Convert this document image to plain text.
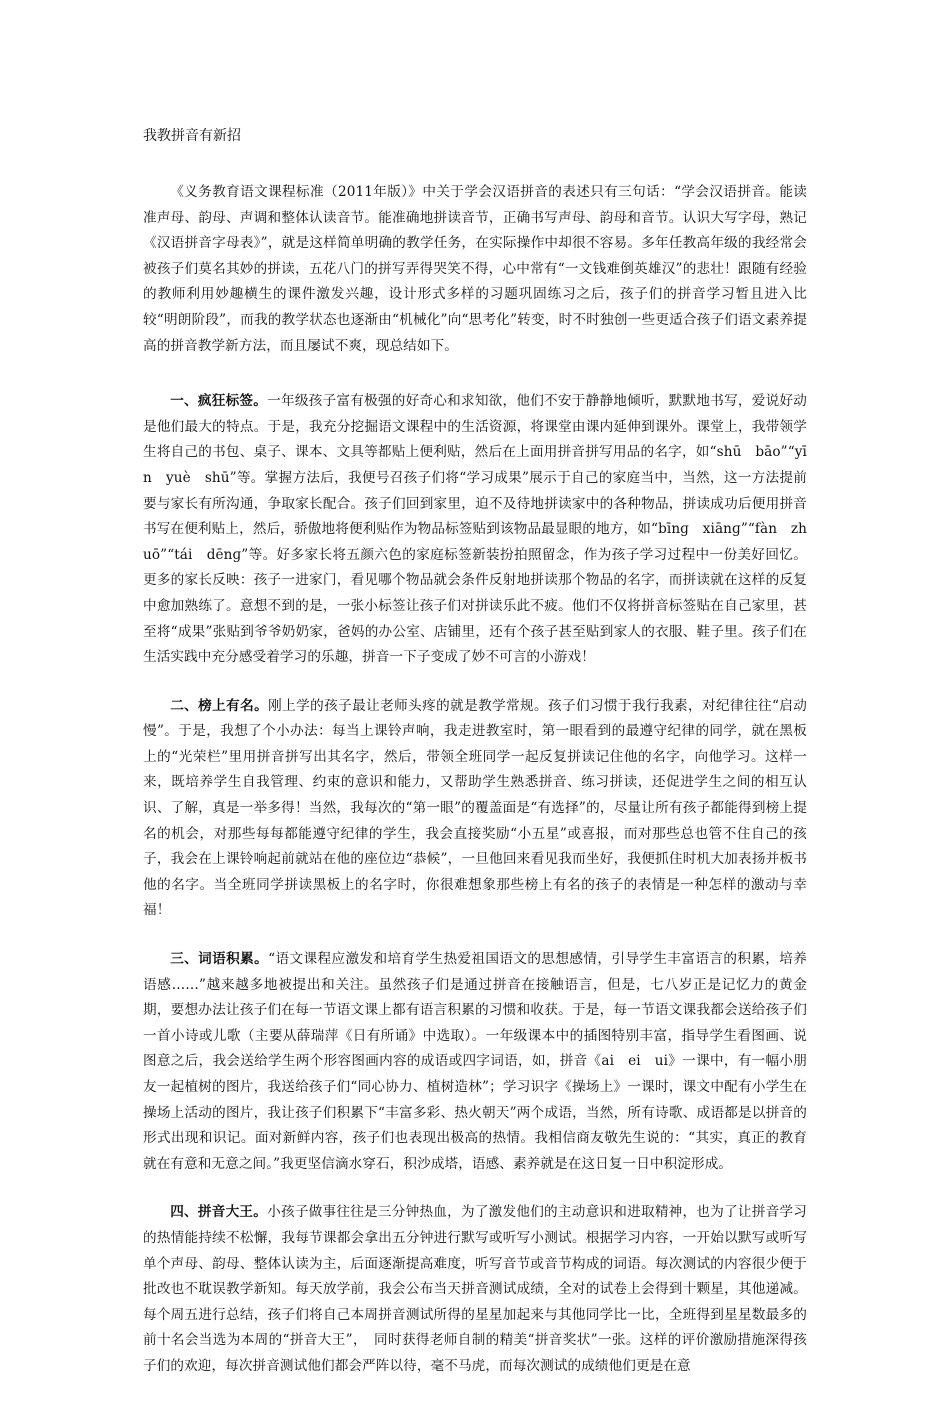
我教拼音有新招

《义务教育语文课程标准（2011年版）》中关于学会汉语拼音的表述只有三句话：“学会汉语拼音。能读准声母、韵母、声调和整体认读音节。能准确地拼读音节，正确书写声母、韵母和音节。认识大写字母，熟记《汉语拼音字母表》”，就是这样简单明确的教学任务，在实际操作中却很不容易。多年任教高年级的我经常会被孩子们莫名其妙的拼读，五花八门的拼写弄得哭笑不得，心中常有“一文钱难倒英雄汉”的悲壮！跟随有经验的教师利用妙趣横生的课件激发兴趣，设计形式多样的习题巩固练习之后，孩子们的拼音学习暂且进入比较“明朗阶段”，而我的教学状态也逐渐由“机械化”向“思考化”转变，时不时独创一些更适合孩子们语文素养提高的拼音教学新方法，而且屡试不爽，现总结如下。

一、疯狂标签。一年级孩子富有极强的好奇心和求知欲，他们不安于静静地倾听，默默地书写，爱说好动是他们最大的特点。于是，我充分挖掘语文课程中的生活资源，将课堂由课内延伸到课外。课堂上，我带领学生将自己的书包、桌子、课本、文具等都贴上便利贴，然后在上面用拼音拼写用品的名字，如“shū　bāo”“yīn　yuè　shū”等。掌握方法后，我便号召孩子们将“学习成果”展示于自己的家庭当中，当然，这一方法提前要与家长有所沟通，争取家长配合。孩子们回到家里，迫不及待地拼读家中的各种物品，拼读成功后便用拼音书写在便利贴上，然后，骄傲地将便利贴作为物品标签贴到该物品最显眼的地方，如“bīnɡ　xiānɡ”“fàn　zhuō”“tái　dēnɡ”等。好多家长将五颜六色的家庭标签新装扮拍照留念，作为孩子学习过程中一份美好回忆。更多的家长反映：孩子一进家门，看见哪个物品就会条件反射地拼读那个物品的名字，而拼读就在这样的反复中愈加熟练了。意想不到的是，一张小标签让孩子们对拼读乐此不疲。他们不仅将拼音标签贴在自己家里，甚至将“成果”张贴到爷爷奶奶家，爸妈的办公室、店铺里，还有个孩子甚至贴到家人的衣服、鞋子里。孩子们在生活实践中充分感受着学习的乐趣，拼音一下子变成了妙不可言的小游戏！

二、榜上有名。刚上学的孩子最让老师头疼的就是教学常规。孩子们习惯于我行我素，对纪律往往“启动慢”。于是，我想了个小办法：每当上课铃声响，我走进教室时，第一眼看到的最遵守纪律的同学，就在黑板上的“光荣栏”里用拼音拼写出其名字，然后，带领全班同学一起反复拼读记住他的名字，向他学习。这样一来，既培养学生自我管理、约束的意识和能力，又帮助学生熟悉拼音、练习拼读，还促进学生之间的相互认识、了解，真是一举多得！当然，我每次的“第一眼”的覆盖面是“有选择”的，尽量让所有孩子都能得到榜上提名的机会，对那些每每都能遵守纪律的学生，我会直接奖励“小五星”或喜报，而对那些总也管不住自己的孩子，我会在上课铃响起前就站在他的座位边“恭候”，一旦他回来看见我而坐好，我便抓住时机大加表扬并板书他的名字。当全班同学拼读黑板上的名字时，你很难想象那些榜上有名的孩子的表情是一种怎样的激动与幸福！

三、词语积累。“语文课程应激发和培育学生热爱祖国语文的思想感情，引导学生丰富语言的积累，培养语感……”越来越多地被提出和关注。虽然孩子们是通过拼音在接触语言，但是，七八岁正是记忆力的黄金期，要想办法让孩子们在每一节语文课上都有语言积累的习惯和收获。于是，每一节语文课我都会送给孩子们一首小诗或儿歌（主要从薛瑞萍《日有所诵》中选取）。一年级课本中的插图特别丰富，指导学生看图画、说图意之后，我会送给学生两个形容图画内容的成语或四字词语，如，拼音《ai　ei　ui》一课中，有一幅小朋友一起植树的图片，我送给孩子们“同心协力、植树造林”；学习识字《操场上》一课时，课文中配有小学生在操场上活动的图片，我让孩子们积累下“丰富多彩、热火朝天”两个成语，当然，所有诗歌、成语都是以拼音的形式出现和识记。面对新鲜内容，孩子们也表现出极高的热情。我相信商友敬先生说的：“其实，真正的教育就在有意和无意之间。”我更坚信滴水穿石，积沙成塔，语感、素养就是在这日复一日中积淀形成。

四、拼音大王。小孩子做事往往是三分钟热血，为了激发他们的主动意识和进取精神，也为了让拼音学习的热情能持续不松懈，我每节课都会拿出五分钟进行默写或听写小测试。根据学习内容，一开始以默写或听写单个声母、韵母、整体认读为主，后面逐渐提高难度，听写音节或音节构成的词语。每次测试的内容很少便于批改也不耽误教学新知。每天放学前，我会公布当天拼音测试成绩，全对的试卷上会得到十颗星，其他递减。每个周五进行总结，孩子们将自己本周拼音测试所得的星星加起来与其他同学比一比，全班得到星星数最多的前十名会当选为本周的“拼音大王”，　同时获得老师自制的精美“拼音奖状”一张。这样的评价激励措施深得孩子们的欢迎，每次拼音测试他们都会严阵以待，毫不马虎，而每次测试的成绩他们更是在意
